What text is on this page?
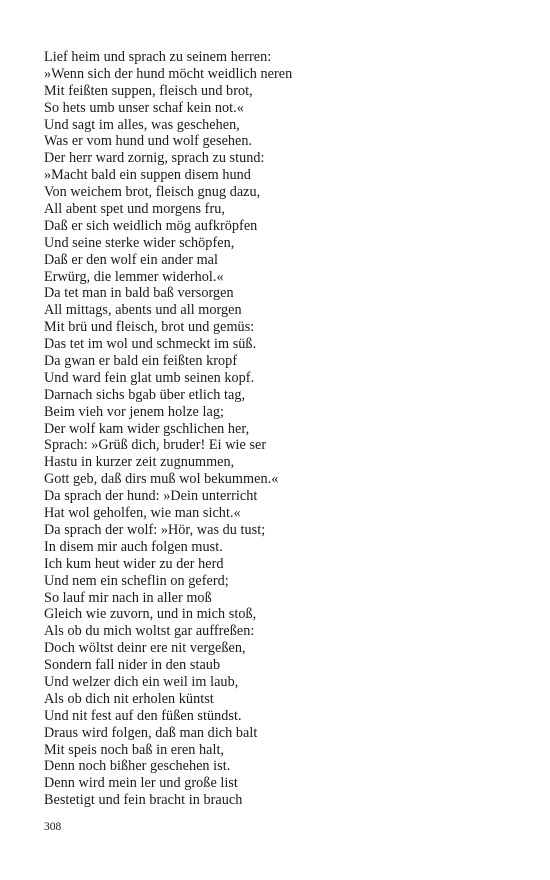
Lief heim und sprach zu seinem herren:
»Wenn sich der hund möcht weidlich neren
Mit feißten suppen, fleisch und brot,
So hets umb unser schaf kein not.«
Und sagt im alles, was geschehen,
Was er vom hund und wolf gesehen.
Der herr ward zornig, sprach zu stund:
»Macht bald ein suppen disem hund
Von weichem brot, fleisch gnug dazu,
All abent spet und morgens fru,
Daß er sich weidlich mög aufkröpfen
Und seine sterke wider schöpfen,
Daß er den wolf ein ander mal
Erwürg, die lemmer widerhol.«
Da tet man in bald baß versorgen
All mittags, abents und all morgen
Mit brü und fleisch, brot und gemüs:
Das tet im wol und schmeckt im süß.
Da gwan er bald ein feißten kropf
Und ward fein glat umb seinen kopf.
Darnach sichs bgab über etlich tag,
Beim vieh vor jenem holze lag;
Der wolf kam wider gschlichen her,
Sprach: »Grüß dich, bruder! Ei wie ser
Hastu in kurzer zeit zugnummen,
Gott geb, daß dirs muß wol bekummen.«
Da sprach der hund: »Dein unterricht
Hat wol geholfen, wie man sicht.«
Da sprach der wolf: »Hör, was du tust;
In disem mir auch folgen must.
Ich kum heut wider zu der herd
Und nem ein scheflin on geferd;
So lauf mir nach in aller moß
Gleich wie zuvorn, und in mich stoß,
Als ob du mich woltst gar auffreßen:
Doch wöltst deinr ere nit vergeßen,
Sondern fall nider in den staub
Und welzer dich ein weil im laub,
Als ob dich nit erholen küntst
Und nit fest auf den füßen stündst.
Draus wird folgen, daß man dich balt
Mit speis noch baß in eren halt,
Denn noch bißher geschehen ist.
Denn wird mein ler und große list
Bestetigt und fein bracht in brauch
308
